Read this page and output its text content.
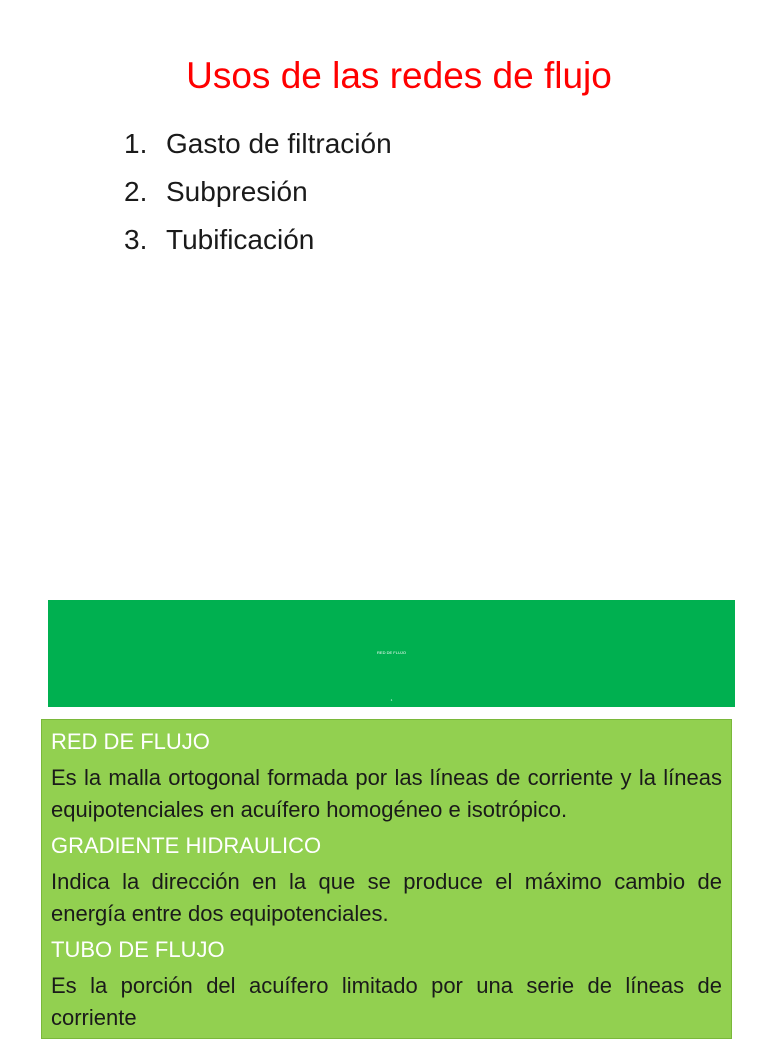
Usos de las redes de flujo
1. Gasto de filtración
2. Subpresión
3. Tubificación
RED DE FLUJO
1

RED DE FLUJO

Es la malla ortogonal formada por las líneas de corriente y la líneas equipotenciales en acuífero homogéneo e isotrópico.

GRADIENTE HIDRAULICO

Indica la dirección en la que se produce el máximo cambio de energía entre dos equipotenciales.

TUBO DE FLUJO

Es la porción del acuífero limitado por una serie de líneas de corriente
